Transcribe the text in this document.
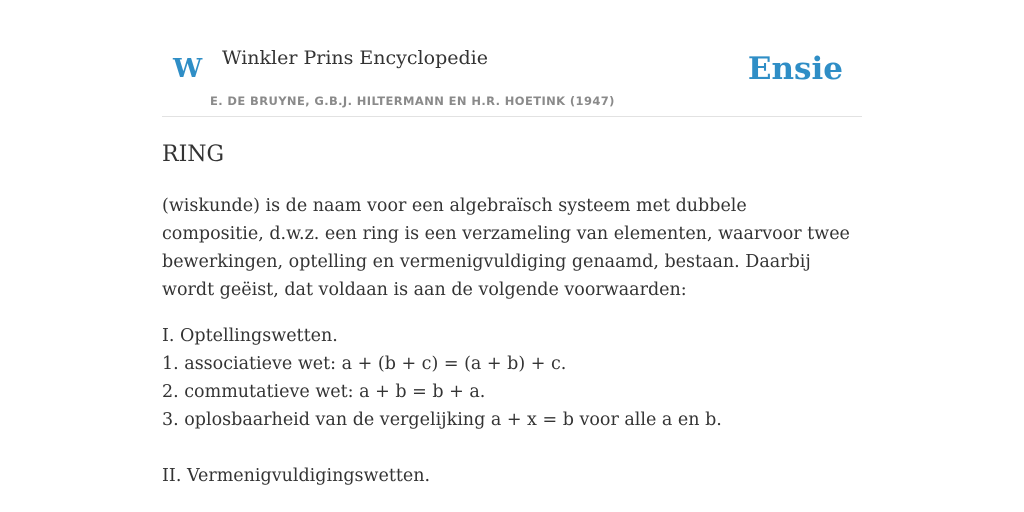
W Winkler Prins Encyclopedie
E. DE BRUYNE, G.B.J. HILTERMANN EN H.R. HOETINK (1947)
Ensie
RING

(wiskunde) is de naam voor een algebraïsch systeem met dubbele compositie, d.w.z. een ring is een verzameling van elementen, waarvoor twee bewerkingen, optelling en vermenigvuldiging genaamd, bestaan. Daarbij wordt geëist, dat voldaan is aan de volgende voorwaarden:

I. Optellingswetten.
1. associatieve wet: a + (b + c) = (a + b) + c.
2. commutatieve wet: a + b = b + a.
3. oplosbaarheid van de vergelijking a + x = b voor alle a en b.
II. Vermenigvuldigingswetten.
